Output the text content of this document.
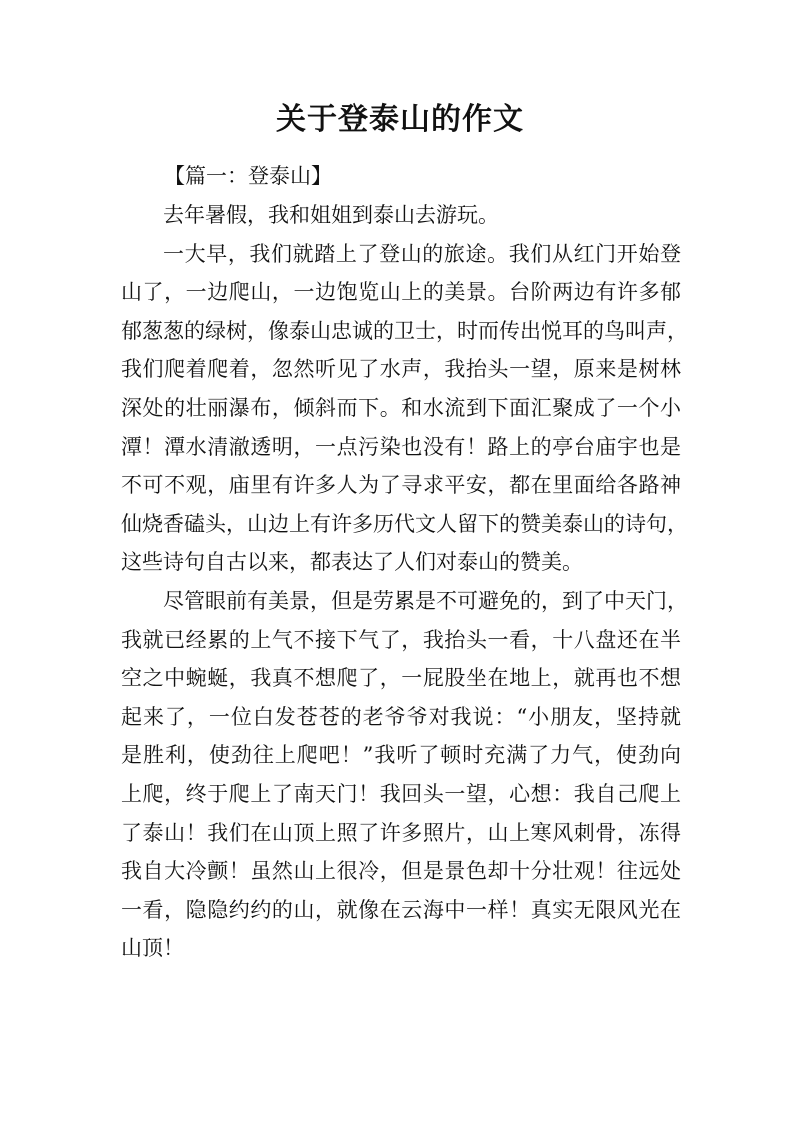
关于登泰山的作文
【篇一：登泰山】
去年暑假，我和姐姐到泰山去游玩。
一大早，我们就踏上了登山的旅途。我们从红门开始登
山了，一边爬山，一边饱览山上的美景。台阶两边有许多郁
郁葱葱的绿树，像泰山忠诚的卫士，时而传出悦耳的鸟叫声，
我们爬着爬着，忽然听见了水声，我抬头一望，原来是树林
深处的壮丽瀑布，倾斜而下。和水流到下面汇聚成了一个小
潭！潭水清澈透明，一点污染也没有！路上的亭台庙宇也是
不可不观，庙里有许多人为了寻求平安，都在里面给各路神
仙烧香磕头，山边上有许多历代文人留下的赞美泰山的诗句，
这些诗句自古以来，都表达了人们对泰山的赞美。
尽管眼前有美景，但是劳累是不可避免的，到了中天门，
我就已经累的上气不接下气了，我抬头一看，十八盘还在半
空之中蜿蜒，我真不想爬了，一屁股坐在地上，就再也不想
起来了，一位白发苍苍的老爷爷对我说：“小朋友，坚持就
是胜利，使劲往上爬吧！”我听了顿时充满了力气，使劲向
上爬，终于爬上了南天门！我回头一望，心想：我自己爬上
了泰山！我们在山顶上照了许多照片，山上寒风刺骨，冻得
我自大冷颤！虽然山上很冷，但是景色却十分壮观！往远处
一看，隐隐约约的山，就像在云海中一样！真实无限风光在
山顶！
